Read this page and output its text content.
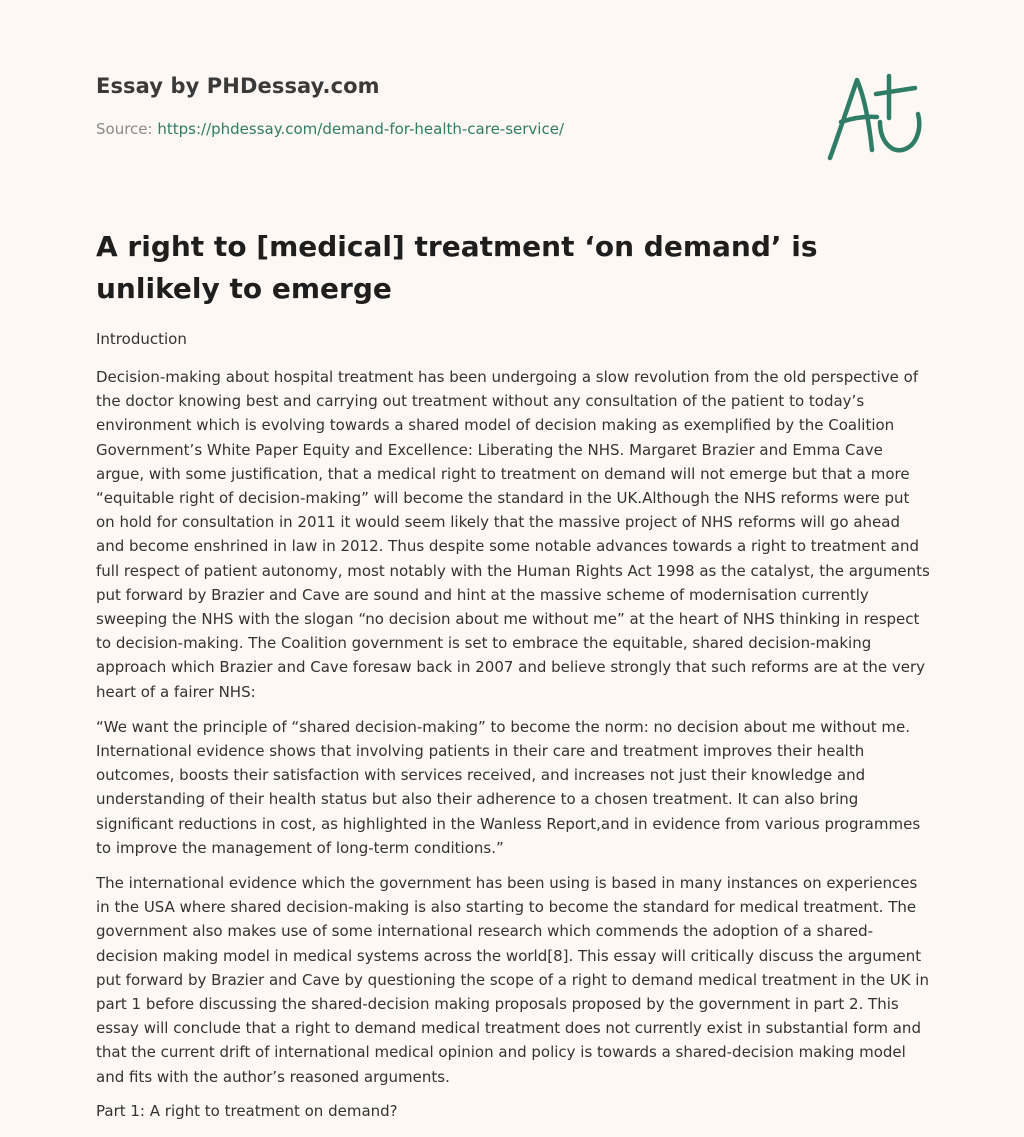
Essay by PHDessay.com
Source: https://phdessay.com/demand-for-health-care-service/
A right to [medical] treatment ‘on demand’ is unlikely to emerge

Introduction

Decision-making about hospital treatment has been undergoing a slow revolution from the old perspective of the doctor knowing best and carrying out treatment without any consultation of the patient to today’s environment which is evolving towards a shared model of decision making as exemplified by the Coalition Government’s White Paper Equity and Excellence: Liberating the NHS. Margaret Brazier and Emma Cave argue, with some justification, that a medical right to treatment on demand will not emerge but that a more “equitable right of decision-making” will become the standard in the UK.Although the NHS reforms were put on hold for consultation in 2011 it would seem likely that the massive project of NHS reforms will go ahead and become enshrined in law in 2012. Thus despite some notable advances towards a right to treatment and full respect of patient autonomy, most notably with the Human Rights Act 1998 as the catalyst, the arguments put forward by Brazier and Cave are sound and hint at the massive scheme of modernisation currently sweeping the NHS with the slogan “no decision about me without me” at the heart of NHS thinking in respect to decision-making. The Coalition government is set to embrace the equitable, shared decision-making approach which Brazier and Cave foresaw back in 2007 and believe strongly that such reforms are at the very heart of a fairer NHS:

“We want the principle of “shared decision-making” to become the norm: no decision about me without me. International evidence shows that involving patients in their care and treatment improves their health outcomes, boosts their satisfaction with services received, and increases not just their knowledge and understanding of their health status but also their adherence to a chosen treatment. It can also bring significant reductions in cost, as highlighted in the Wanless Report,and in evidence from various programmes to improve the management of long-term conditions.”

The international evidence which the government has been using is based in many instances on experiences in the USA where shared decision-making is also starting to become the standard for medical treatment. The government also makes use of some international research which commends the adoption of a shared-decision making model in medical systems across the world[8]. This essay will critically discuss the argument put forward by Brazier and Cave by questioning the scope of a right to demand medical treatment in the UK in part 1 before discussing the shared-decision making proposals proposed by the government in part 2. This essay will conclude that a right to demand medical treatment does not currently exist in substantial form and that the current drift of international medical opinion and policy is towards a shared-decision making model and fits with the author’s reasoned arguments.

Part 1: A right to treatment on demand?
